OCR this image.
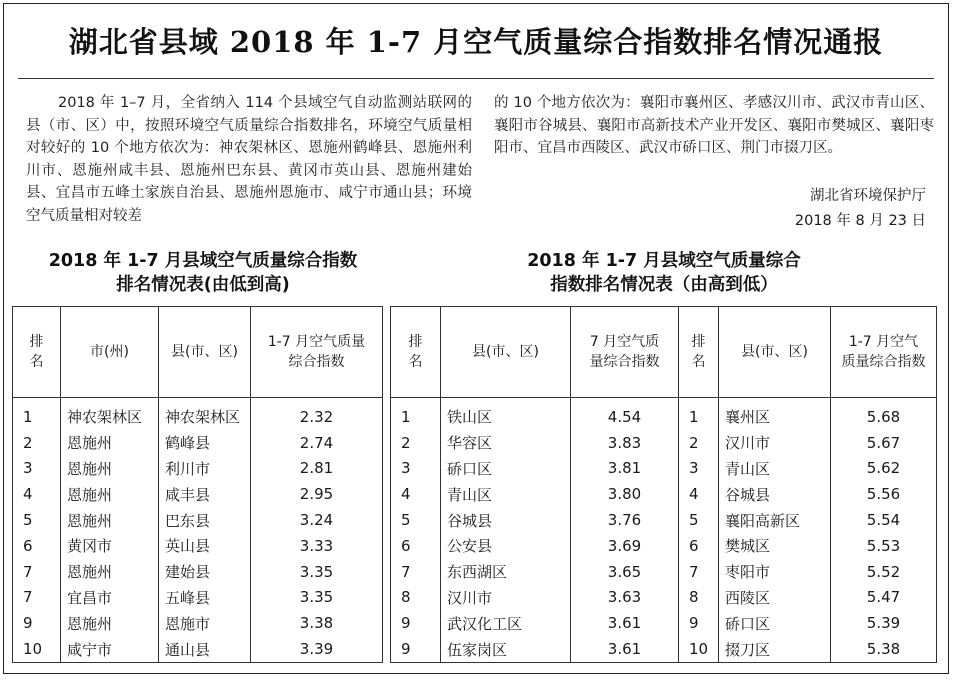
湖北省县域 2018 年 1-7 月空气质量综合指数排名情况通报
2018 年 1–7 月，全省纳入 114 个县域空气自动监测站联网的县（市、区）中，按照环境空气质量综合指数排名，环境空气质量相对较好的 10 个地方依次为：神农架林区、恩施州鹤峰县、恩施州利川市、恩施州咸丰县、恩施州巴东县、黄冈市英山县、恩施州建始县、宜昌市五峰土家族自治县、恩施州恩施市、咸宁市通山县；环境空气质量相对较差
的 10 个地方依次为：襄阳市襄州区、孝感汉川市、武汉市青山区、襄阳市谷城县、襄阳市高新技术产业开发区、襄阳市樊城区、襄阳枣阳市、宜昌市西陵区、武汉市硚口区、荆门市掇刀区。
湖北省环境保护厅
2018 年 8 月 23 日
2018 年 1-7 月县域空气质量综合指数
排名情况表(由低到高)
2018 年 1-7 月县域空气质量综合
指数排名情况表（由高到低）
排
名	市(州)	县(市、区)	1-7 月空气质量
综合指数

1	神农架林区	神农架林区	2.32
2	恩施州	鹤峰县	2.74
3	恩施州	利川市	2.81
4	恩施州	咸丰县	2.95
5	恩施州	巴东县	3.24
6	黄冈市	英山县	3.33
7	恩施州	建始县	3.35
7	宜昌市	五峰县	3.35
9	恩施州	恩施市	3.38
10	咸宁市	通山县	3.39
排
名	县(市、区)	7 月空气质
量综合指数	排
名	县(市、区)	1-7 月空气
质量综合指数

1	铁山区	4.54	1	襄州区	5.68
2	华容区	3.83	2	汉川市	5.67
3	硚口区	3.81	3	青山区	5.62
4	青山区	3.80	4	谷城县	5.56
5	谷城县	3.76	5	襄阳高新区	5.54
6	公安县	3.69	6	樊城区	5.53
7	东西湖区	3.65	7	枣阳市	5.52
8	汉川市	3.63	8	西陵区	5.47
9	武汉化工区	3.61	9	硚口区	5.39
9	伍家岗区	3.61	10	掇刀区	5.38
